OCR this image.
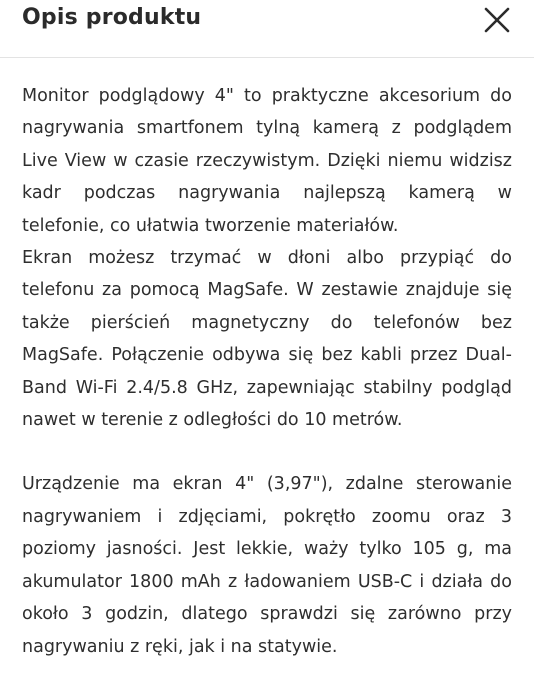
Opis produktu

Monitor podglądowy 4" to praktyczne akcesorium do nagrywania smartfonem tylną kamerą z podglądem Live View w czasie rzeczywistym. Dzięki niemu widzisz kadr podczas nagrywania najlepszą kamerą w telefonie, co ułatwia tworzenie materiałów.

Ekran możesz trzymać w dłoni albo przypiąć do telefonu za pomocą MagSafe. W zestawie znajduje się także pierścień magnetyczny do telefonów bez MagSafe. Połączenie odbywa się bez kabli przez Dual-Band Wi-Fi 2.4/5.8 GHz, zapewniając stabilny podgląd nawet w terenie z odległości do 10 metrów.

Urządzenie ma ekran 4" (3,97"), zdalne sterowanie nagrywaniem i zdjęciami, pokrętło zoomu oraz 3 poziomy jasności. Jest lekkie, waży tylko 105 g, ma akumulator 1800 mAh z ładowaniem USB-C i działa do około 3 godzin, dlatego sprawdzi się zarówno przy nagrywaniu z ręki, jak i na statywie.
